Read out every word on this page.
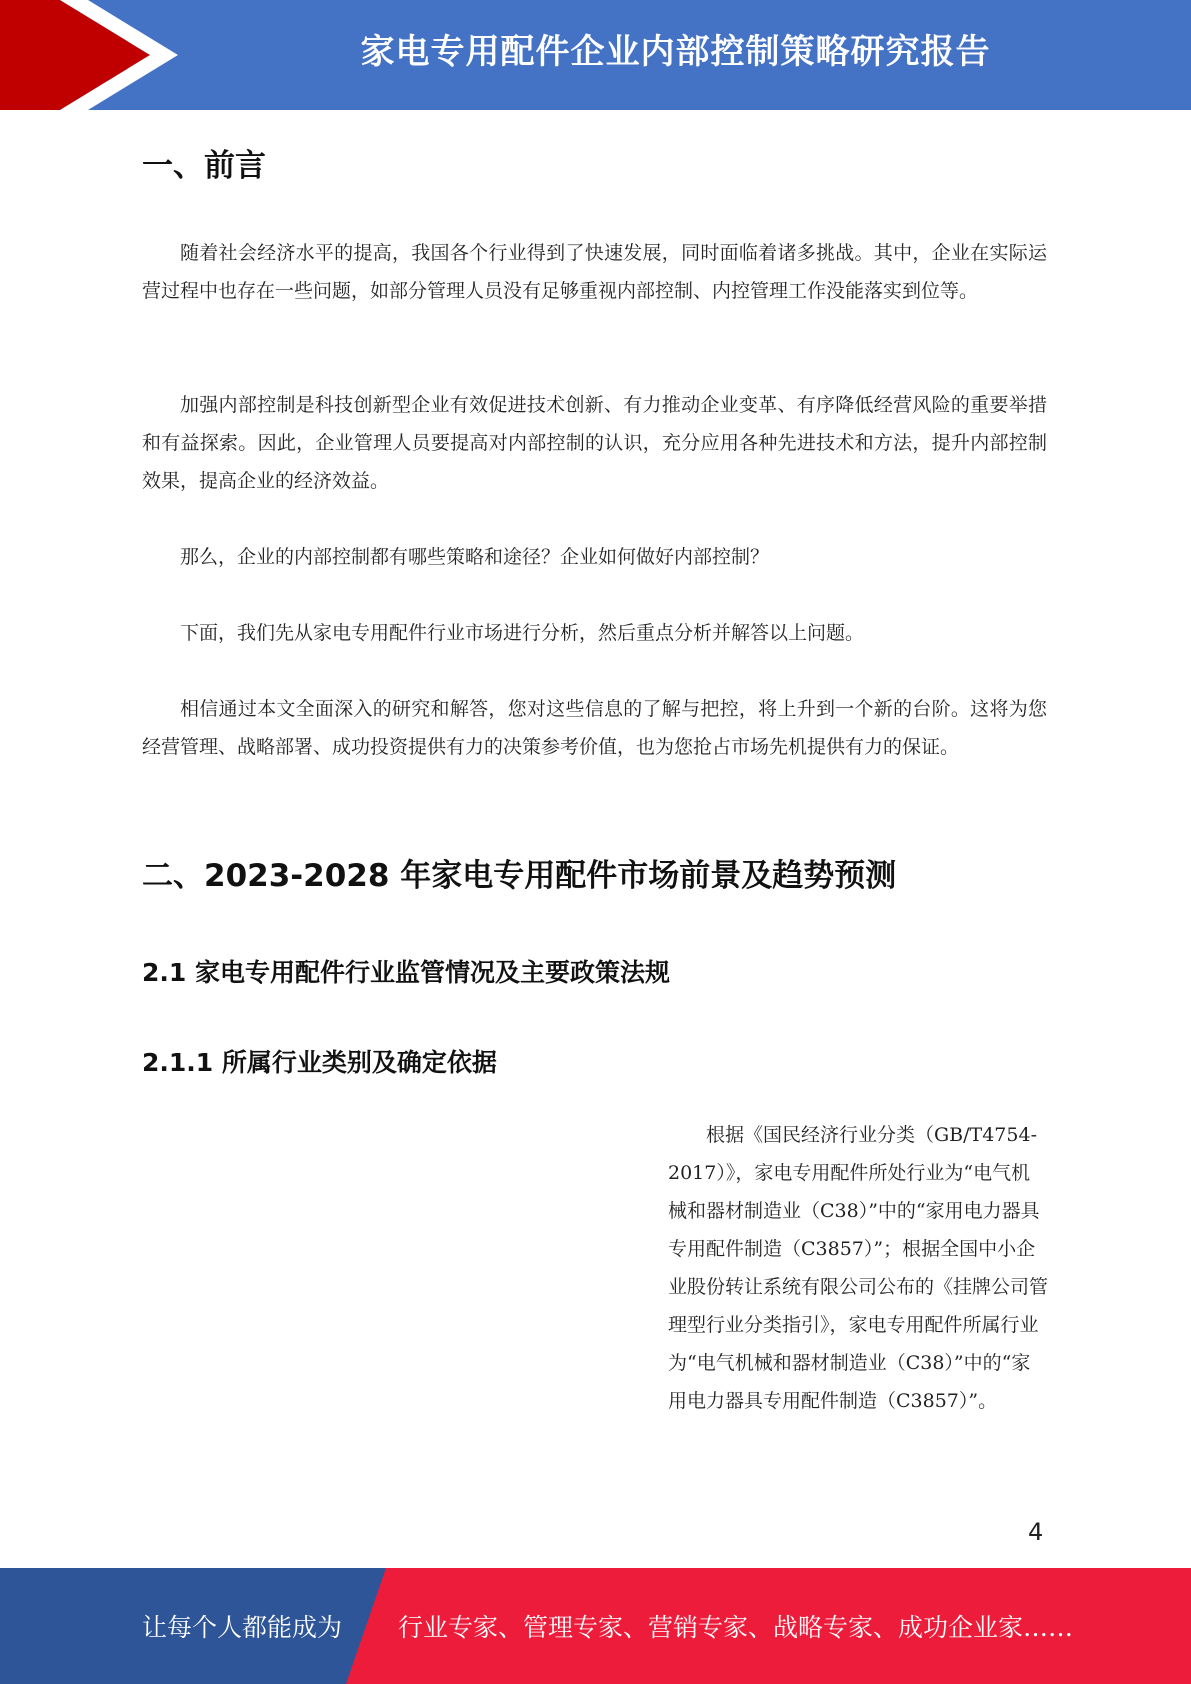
家电专用配件企业内部控制策略研究报告
一、前言

随着社会经济水平的提高，我国各个行业得到了快速发展，同时面临着诸多挑战。其中，企业在实际运营过程中也存在一些问题，如部分管理人员没有足够重视内部控制、内控管理工作没能落实到位等。

加强内部控制是科技创新型企业有效促进技术创新、有力推动企业变革、有序降低经营风险的重要举措和有益探索。因此，企业管理人员要提高对内部控制的认识，充分应用各种先进技术和方法，提升内部控制效果，提高企业的经济效益。

那么，企业的内部控制都有哪些策略和途径？企业如何做好内部控制？

下面，我们先从家电专用配件行业市场进行分析，然后重点分析并解答以上问题。

相信通过本文全面深入的研究和解答，您对这些信息的了解与把控，将上升到一个新的台阶。这将为您经营管理、战略部署、成功投资提供有力的决策参考价值，也为您抢占市场先机提供有力的保证。

二、2023-2028 年家电专用配件市场前景及趋势预测
2.1 家电专用配件行业监管情况及主要政策法规
2.1.1 所属行业类别及确定依据

根据《国民经济行业分类（GB/T4754-2017）》，家电专用配件所处行业为“电气机械和器材制造业（C38）”中的“家用电力器具专用配件制造（C3857）”；根据全国中小企业股份转让系统有限公司公布的《挂牌公司管理型行业分类指引》，家电专用配件所属行业为“电气机械和器材制造业（C38）”中的“家用电力器具专用配件制造（C3857）”。

4
让每个人都能成为 行业专家、管理专家、营销专家、战略专家、成功企业家……
